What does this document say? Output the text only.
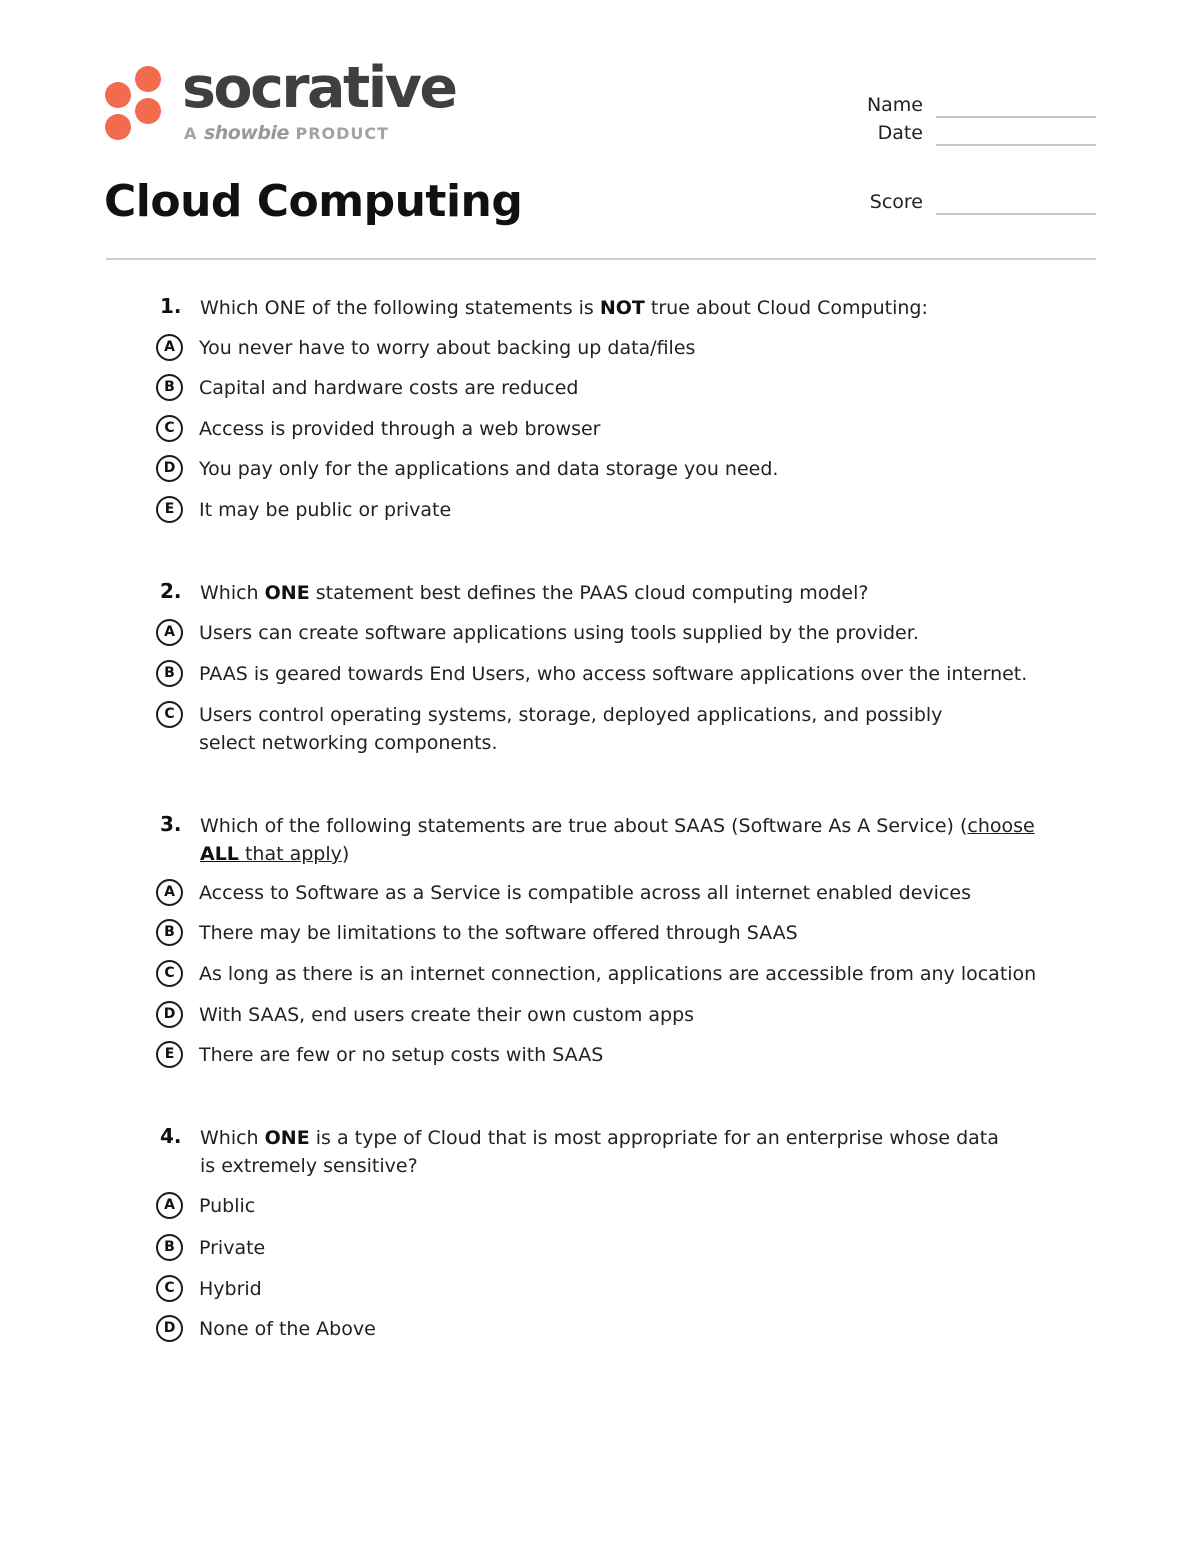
socrative
A showbie PRODUCT
Name
Date
Score
Cloud Computing
1. Which ONE of the following statements is NOT true about Cloud Computing:

A	You never have to worry about backing up data/files
B	Capital and hardware costs are reduced
C	Access is provided through a web browser
D	You pay only for the applications and data storage you need.
E	It may be public or private
2. Which ONE statement best defines the PAAS cloud computing model?

A	Users can create software applications using tools supplied by the provider.
B	PAAS is geared towards End Users, who access software applications over the internet.
C	Users control operating systems, storage, deployed applications, and possibly select networking components.
3. Which of the following statements are true about SAAS (Software As A Service) (choose ALL that apply)

A	Access to Software as a Service is compatible across all internet enabled devices
B	There may be limitations to the software offered through SAAS
C	As long as there is an internet connection, applications are accessible from any location
D	With SAAS, end users create their own custom apps
E	There are few or no setup costs with SAAS
4. Which ONE is a type of Cloud that is most appropriate for an enterprise whose data is extremely sensitive?

A	Public
B	Private
C	Hybrid
D	None of the Above
